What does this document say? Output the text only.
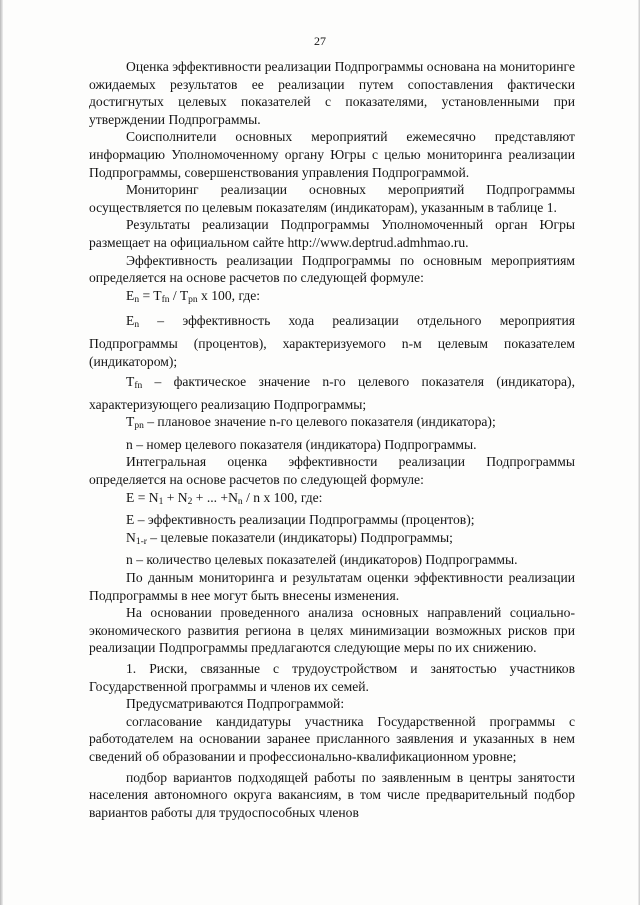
27

Оценка эффективности реализации Подпрограммы основана на мониторинге ожидаемых результатов ее реализации путем сопоставления фактически достигнутых целевых показателей с показателями, установленными при утверждении Подпрограммы.

Соисполнители основных мероприятий ежемесячно представляют информацию Уполномоченному органу Югры с целью мониторинга реализации Подпрограммы, совершенствования управления Подпрограммой.

Мониторинг реализации основных мероприятий Подпрограммы осуществляется по целевым показателям (индикаторам), указанным в таблице 1.

Результаты реализации Подпрограммы Уполномоченный орган Югры размещает на официальном сайте http://www.deptrud.admhmao.ru.

Эффективность реализации Подпрограммы по основным мероприятиям определяется на основе расчетов по следующей формуле:

$E_n = T_{fn} / T_{pn}$ x 100, где:

$E_n$ – эффективность хода реализации отдельного мероприятия Подпрограммы (процентов), характеризуемого n-м целевым показателем (индикатором);

$T_{fn}$ – фактическое значение n-го целевого показателя (индикатора), характеризующего реализацию Подпрограммы;

$T_{pn}$ – плановое значение n-го целевого показателя (индикатора);

n – номер целевого показателя (индикатора) Подпрограммы.

Интегральная оценка эффективности реализации Подпрограммы определяется на основе расчетов по следующей формуле:

$E = N_1 + N_2$ + ... $+N_n / n$ x 100, где:

E – эффективность реализации Подпрограммы (процентов);

$N_{1-r}$ – целевые показатели (индикаторы) Подпрограммы;

n – количество целевых показателей (индикаторов) Подпрограммы.

По данным мониторинга и результатам оценки эффективности реализации Подпрограммы в нее могут быть внесены изменения.

На основании проведенного анализа основных направлений социально-экономического развития региона в целях минимизации возможных рисков при реализации Подпрограммы предлагаются следующие меры по их снижению.

1. Риски, связанные с трудоустройством и занятостью участников Государственной программы и членов их семей.

Предусматриваются Подпрограммой:

согласование кандидатуры участника Государственной программы с работодателем на основании заранее присланного заявления и указанных в нем сведений об образовании и профессионально-квалификационном уровне;

подбор вариантов подходящей работы по заявленным в центры занятости населения автономного округа вакансиям, в том числе предварительный подбор вариантов работы для трудоспособных членов
